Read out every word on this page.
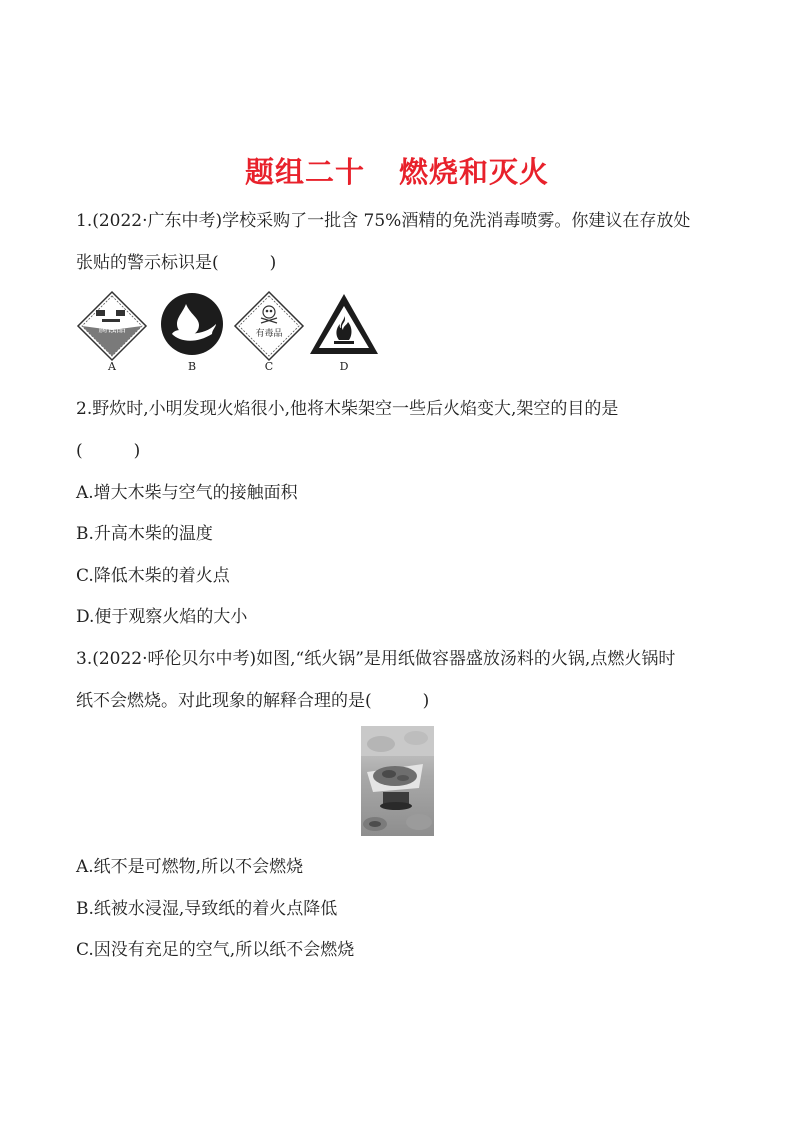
题组二十 燃烧和灭火
1.(2022·广东中考)学校采购了一批含 75%酒精的免洗消毒喷雾。你建议在存放处
张贴的警示标识是(　　　)
腐蚀品
A	B
有毒品
C	D
2.野炊时,小明发现火焰很小,他将木柴架空一些后火焰变大,架空的目的是
(　　　)
A.增大木柴与空气的接触面积
B.升高木柴的温度
C.降低木柴的着火点
D.便于观察火焰的大小
3.(2022·呼伦贝尔中考)如图,“纸火锅”是用纸做容器盛放汤料的火锅,点燃火锅时
纸不会燃烧。对此现象的解释合理的是(　　　)
A.纸不是可燃物,所以不会燃烧
B.纸被水浸湿,导致纸的着火点降低
C.因没有充足的空气,所以纸不会燃烧
